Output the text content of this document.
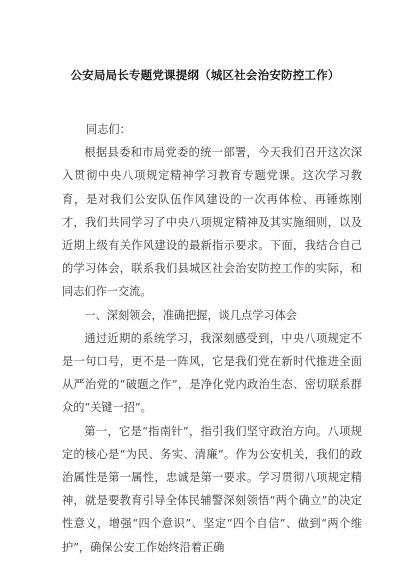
公安局局长专题党课提纲（城区社会治安防控工作）

同志们：

根据县委和市局党委的统一部署，今天我们召开这次深入贯彻中央八项规定精神学习教育专题党课。这次学习教育，是对我们公安队伍作风建设的一次再体检、再锤炼刚才，我们共同学习了中央八项规定精神及其实施细则，以及近期上级有关作风建设的最新指示要求。下面，我结合自己的学习体会，联系我们县城区社会治安防控工作的实际，和同志们作一交流。

一、深刻领会，准确把握，谈几点学习体会

通过近期的系统学习，我深刻感受到，中央八项规定不是一句口号，更不是一阵风，它是我们党在新时代推进全面从严治党的“破题之作”，是净化党内政治生态、密切联系群众的“关键一招”。

第一，它是“指南针”，指引我们坚守政治方向。八项规定的核心是“为民、务实、清廉”。作为公安机关，我们的政治属性是第一属性，忠诚是第一要求。学习贯彻八项规定精神，就是要教育引导全体民辅警深刻领悟“两个确立”的决定性意义，增强“四个意识”、坚定“四个自信”、做到“两个维护”，确保公安工作始终沿着正确
